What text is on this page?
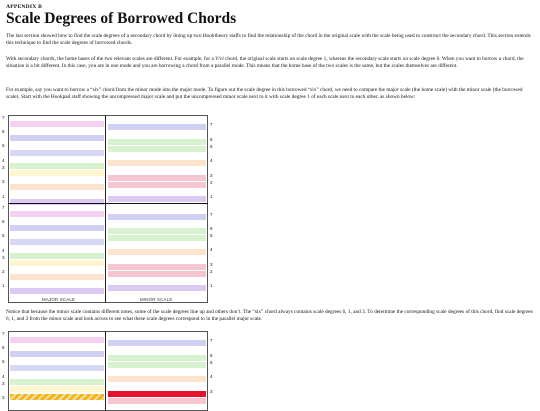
APPENDIX B
Scale Degrees of Borrowed Chords

The last section showed how to find the scale degrees of a secondary chord by lining up two Hooktheory staffs to find the relationship of the chord in the original scale with the scale being used to construct the secondary chord. This section extends this technique to find the scale degrees of borrowed chords.

With secondary chords, the home bases of the two relevant scales are different. For example, for a V/vi chord, the original scale starts on scale degree 1, whereas the secondary scale starts on scale degree 6. When you want to borrow a chord, the situation is a bit different. In this case, you are in one mode and you are borrowing a chord from a parallel mode. This means that the home base of the two scales is the same, but the scales themselves are different.

For example, say you want to borrow a “six” chord from the minor mode into the major mode. To figure out the scale degree in this borrowed “six” chord, we need to compare the major scale (the home scale) with the minor scale (the borrowed scale). Start with the Hookpad staff showing the uncompressed major scale and put the uncompressed minor scale next to it with scale degree 1 of each scale next to each other, as shown below:

7
6
5
4
3
2
1
7
6
5
4
3
2
1
7
6
5
4
3
2
1
7
6
5
4
3
2
1
MAJOR SCALE	MINOR SCALE

Notice that because the minor scale contains different notes, some of the scale degrees line up and others don’t. The “six” chord always contains scale degrees 6, 1, and 3. To determine the corresponding scale degrees of this chord, find scale degrees 6, 1, and 3 from the minor scale and look across to see what these scale degrees correspond to in the parallel major scale.

7
6
5
4
3
2
7
6
5
4
3
